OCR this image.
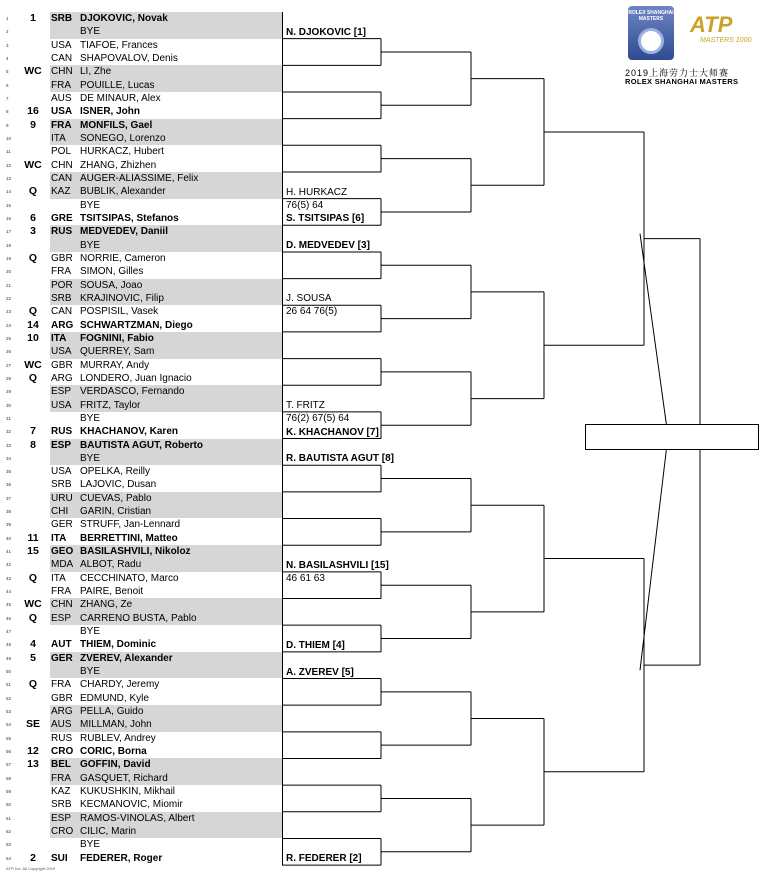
1	1	SRB DJOKOVIC, Novak
2	BYE
3	USA TIAFOE, Frances
4	CAN SHAPOVALOV, Denis
5 WC CHN LI, Zhe
6	FRA POUILLE, Lucas
7	AUS DE MINAUR, Alex
8	16	USA ISNER, John
9	9	FRA MONFILS, Gael
10	ITA	SONEGO, Lorenzo
11	POL HURKACZ, Hubert
12 WC CHN ZHANG, Zhizhen
13	CAN AUGER-ALIASSIME, Felix
14	Q	KAZ BUBLIK, Alexander
15	BYE
16	6	GRE TSITSIPAS, Stefanos
17	3	RUS MEDVEDEV, Daniil
18	BYE
19	Q	GBR NORRIE, Cameron
20	FRA SIMON, Gilles
21	POR SOUSA, Joao
22	SRB KRAJINOVIC, Filip
23	Q	CAN POSPISIL, Vasek
24	14	ARG SCHWARTZMAN, Diego
25	10	ITA	FOGNINI, Fabio
26	USA QUERREY, Sam
27 WC GBR MURRAY, Andy
28	Q	ARG LONDERO, Juan Ignacio
29	ESP VERDASCO, Fernando
30	USA FRITZ, Taylor
31	BYE
32	7	RUS KHACHANOV, Karen
33	8	ESP BAUTISTA AGUT, Roberto
34	BYE
35	USA OPELKA, Reilly
36	SRB LAJOVIC, Dusan
37	URU CUEVAS, Pablo
38	CHI	GARIN, Cristian
39	GER STRUFF, Jan-Lennard
40	11	ITA	BERRETTINI, Matteo
41	15	GEO BASILASHVILI, Nikoloz
42	MDA ALBOT, Radu
43	Q	ITA	CECCHINATO, Marco
44	FRA PAIRE, Benoit
45 WC CHN ZHANG, Ze
46	Q	ESP CARRENO BUSTA, Pablo
47	BYE
48	4	AUT THIEM, Dominic
49	5	GER ZVEREV, Alexander
50	BYE
51	Q	FRA CHARDY, Jeremy
52	GBR EDMUND, Kyle
53	ARG PELLA, Guido
54	SE	AUS MILLMAN, John
55	RUS RUBLEV, Andrey
56	12	CRO CORIC, Borna
57	13	BEL GOFFIN, David
58	FRA GASQUET, Richard
59	KAZ KUKUSHKIN, Mikhail
60	SRB KECMANOVIC, Miomir
61	ESP RAMOS-VINOLAS, Albert
62	CRO CILIC, Marin
63	BYE
64	2	SUI	FEDERER, Roger
N. DJOKOVIC [1]
H. HURKACZ
76(5) 64
S. TSITSIPAS [6]
D. MEDVEDEV [3]
J. SOUSA
26 64 76(5)
T. FRITZ
76(2) 67(5) 64
K. KHACHANOV [7]
R. BAUTISTA AGUT [8]
N. BASILASHVILI [15]
46 61 63
D. THIEM [4]
A. ZVEREV [5]
R. FEDERER [2]
ROLEX SHANGHAI MASTERS	ATP
MASTERS 1000
2019上海劳力士大师赛
ROLEX SHANGHAI MASTERS
ATP, Inc. All Copyright 2019
